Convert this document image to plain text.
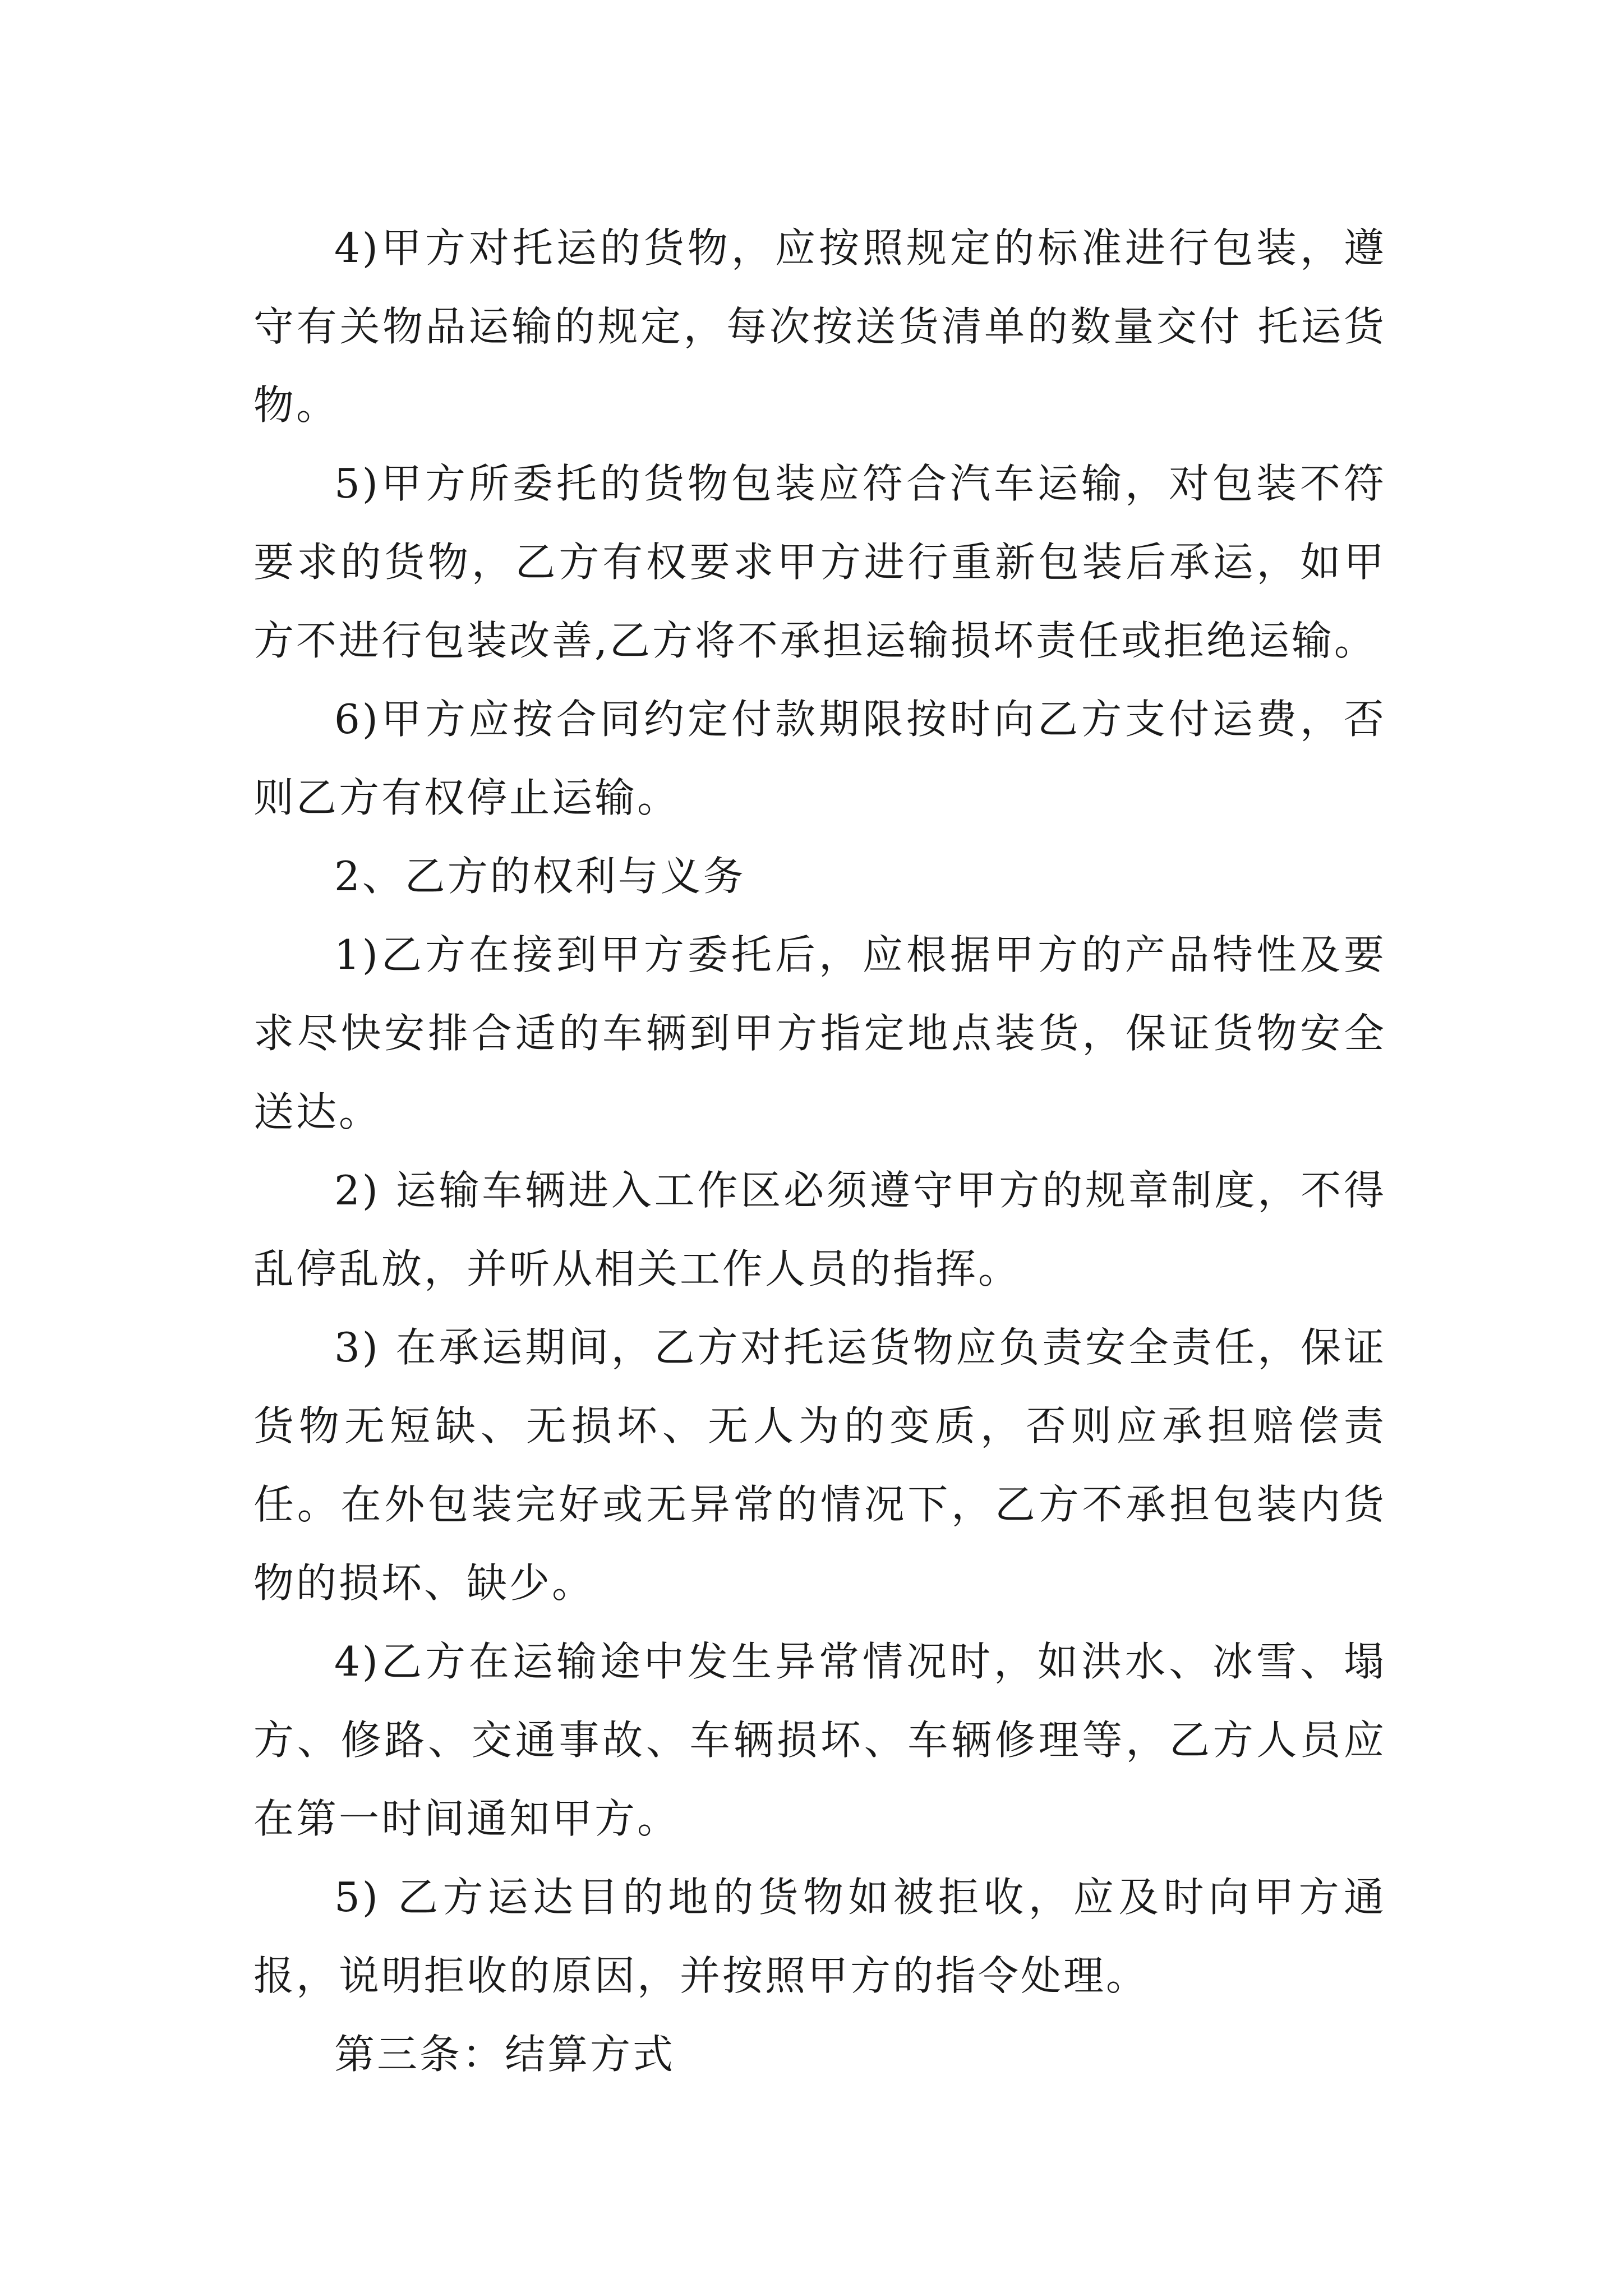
4)甲方对托运的货物，应按照规定的标准进行包装，遵守有关物品运输的规定，每次按送货清单的数量交付 托运货物。

5)甲方所委托的货物包装应符合汽车运输，对包装不符要求的货物，乙方有权要求甲方进行重新包装后承运，如甲方不进行包装改善,乙方将不承担运输损坏责任或拒绝运输。

6)甲方应按合同约定付款期限按时向乙方支付运费，否则乙方有权停止运输。

2、乙方的权利与义务

1)乙方在接到甲方委托后，应根据甲方的产品特性及要求尽快安排合适的车辆到甲方指定地点装货，保证货物安全送达。

2) 运输车辆进入工作区必须遵守甲方的规章制度，不得乱停乱放，并听从相关工作人员的指挥。

3) 在承运期间，乙方对托运货物应负责安全责任，保证货物无短缺、无损坏、无人为的变质，否则应承担赔偿责任。在外包装完好或无异常的情况下，乙方不承担包装内货物的损坏、缺少。

4)乙方在运输途中发生异常情况时，如洪水、冰雪、塌方、修路、交通事故、车辆损坏、车辆修理等，乙方人员应在第一时间通知甲方。

5) 乙方运达目的地的货物如被拒收，应及时向甲方通报，说明拒收的原因，并按照甲方的指令处理。

第三条：结算方式
